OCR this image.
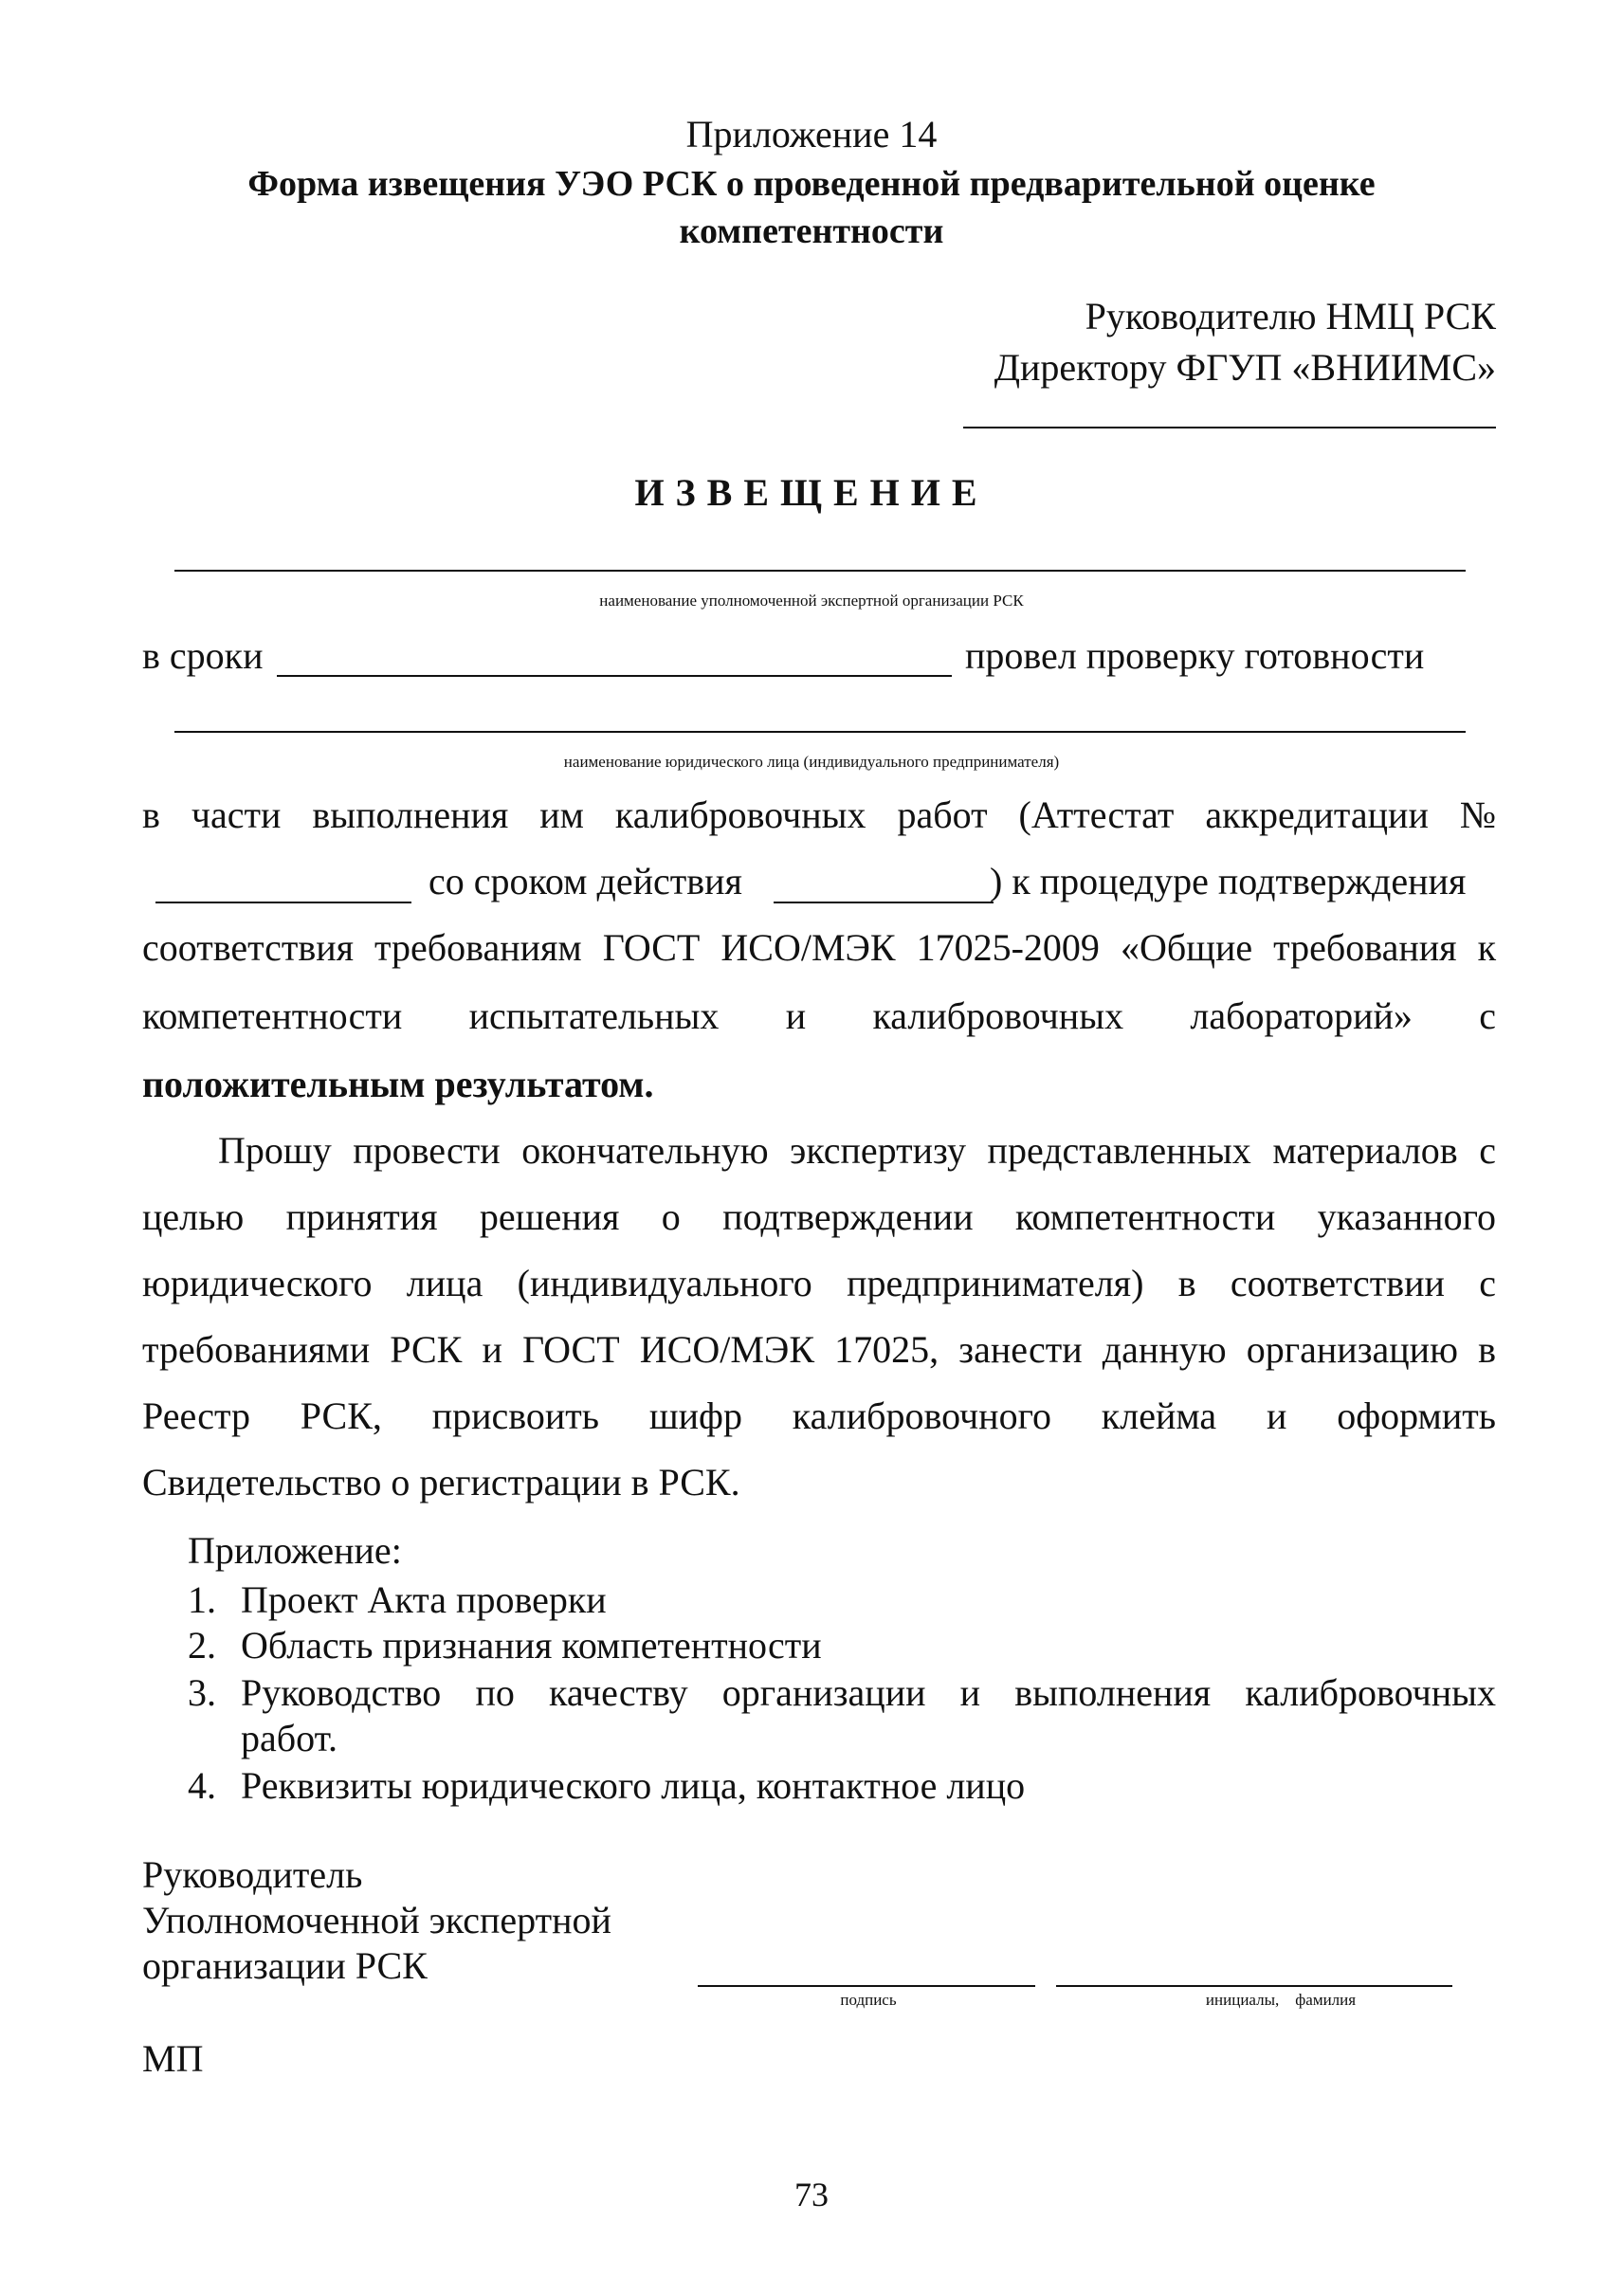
Приложение 14
Форма извещения УЭО РСК о проведенной предварительной оценке
компетентности
Руководителю НМЦ РСК
Директору ФГУП «ВНИИМС»
ИЗВЕЩЕНИЕ
наименование уполномоченной экспертной организации РСК
в сроки	провел проверку готовности
наименование юридического лица (индивидуального предпринимателя)
в части выполнения им калибровочных работ (Аттестат аккредитации №
со сроком действия	) к процедуре подтверждения
соответствия требованиям ГОСТ ИСО/МЭК 17025-2009 «Общие требования к
компетентности испытательных и калибровочных лабораторий» с
положительным результатом.
Прошу провести окончательную экспертизу представленных материалов с
целью принятия решения о подтверждении компетентности указанного
юридического лица (индивидуального предпринимателя) в соответствии с
требованиями РСК и ГОСТ ИСО/МЭК 17025, занести данную организацию в
Реестр РСК, присвоить шифр калибровочного клейма и оформить
Свидетельство о регистрации в РСК.
Приложение:
1. Проект Акта проверки
2. Область признания компетентности
3. Руководство по качеству организации и выполнения калибровочных
работ.
4. Реквизиты юридического лица, контактное лицо
Руководитель
Уполномоченной экспертной
организации РСК
подпись	инициалы,    фамилия
МП
73
